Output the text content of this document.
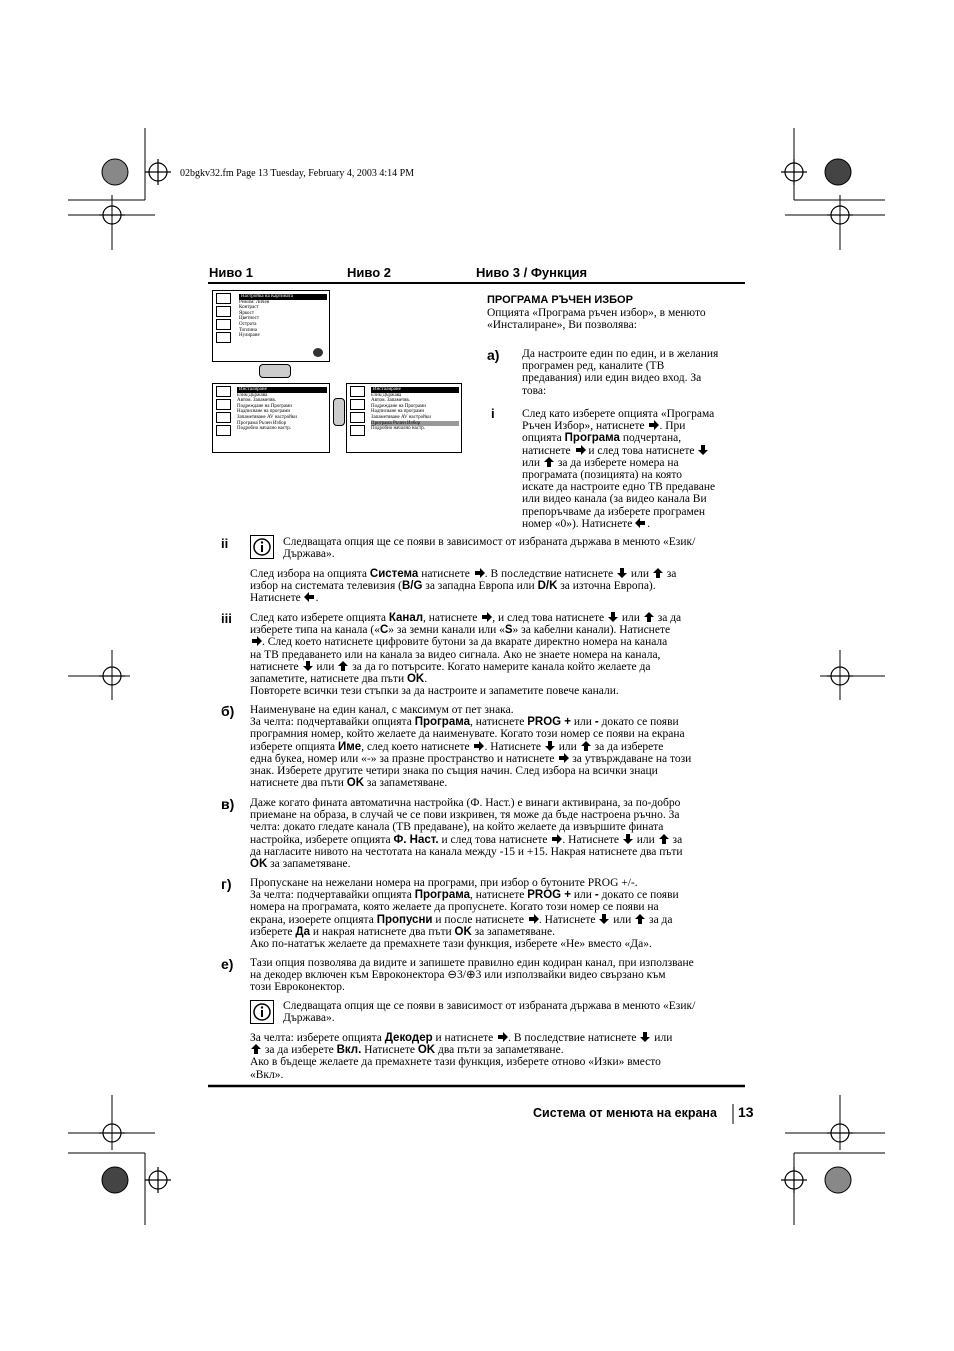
02bgkv32.fm Page 13 Tuesday, February 4, 2003 4:14 PM
Ниво 1	Ниво 2	Ниво 3 / Функция
Настройка на Картината
Режим: Личен
Контраст
Яркост
Цветност
Острота
Топлина
Нулиране
Инсталиране
Език/Държава
Автом. Запаметяв.
Подреждане на Програми
Надписване на програми
Запаметяване AV настройки
Програма Ръчен Избор
Подробно начално настр.
Инсталиране
Език/Държава
Автом. Запаметяв.
Подреждане на Програми
Надписване на програми
Запаметяване AV настройки
Програма Ръчен Избор
Подробно начално настр.
ПРОГРАМА РЪЧЕН ИЗБОР
Опцията «Програма ръчен избор», в менюто
«Инсталиране», Ви позволява:
а) Да настроите един по един, и в желания
програмен ред, каналите (ТВ
предавания) или един видео вход. За
това:
i След като изберете опцията «Програма
Ръчен Избор», натиснете . При
опцията Програма подчертана,
натиснете и след това натиснете
или за да изберете номера на
програмата (позицията) на която
искате да настроите едно ТВ предаване
или видео канала (за видео канала Ви
препоръчваме да изберете програмен
номер «0»). Натиснете .
ii	Следващата опция ще се появи в зависимост от избраната държава в менюто «Език/
Държава».
След избора на опцията Система натиснете . В последствие натиснете или за
избор на системата телевизия (B/G за западна Европа или D/K за източна Европа).
Натиснете .
iii След като изберете опцията Канал, натиснете , и след това натиснете или за да
изберете типа на канала («C» за земни канали или «S» за кабелни канали). Натиснете
. След което натиснете цифровите бутони за да вкарате директно номера на канала
на ТВ предаването или на канала за видео сигнала. Ако не знаете номера на канала,
натиснете или за да го потърсите. Когато намерите канала който желаете да
запаметите, натиснете два пъти OK.
Повторете всички тези стъпки за да настроите и запаметите повече канали.
б) Наименуване на един канал, с максимум от пет знака.
За челта: подчертавайки опцията Програма, натиснете PROG + или - докато се появи
програмния номер, който желаете да наименувате. Когато този номер се появи на екрана
изберете опцията Име, след което натиснете . Натиснете или за да изберете
една букеа, номер или «-» за празне пространство и натиснете за утвърждаване на този
знак. Изберете другите четири знака по същия начин. След избора на всички знаци
натиснете два пъти OK за запаметяване.
в) Даже когато фината автоматична настройка (Ф. Наст.) е винаги активирана, за по-добро
приемане на образа, в случай че се пови изкривен, тя може да бъде настроена ръчно. За
челта: докато гледате канала (ТВ предаване), на който желаете да извършите фината
настройка, изберете опцията Ф. Наст. и след това натиснете . Натиснете или за
да нагласите нивото на честотата на канала между -15 и +15. Накрая натиснете два пъти
OK за запаметяване.
г) Пропускане на нежелани номера на програми, при избор о бутоните PROG +/-.
За челта: подчертавайки опцията Програма, натиснете PROG + или - докато се появи
номера на програмата, която желаете да пропуснете. Когато този номер се появи на
екрана, изоерете опцията Пропусни и после натиснете . Натиснете или за да
изберете Да и накрая натиснете два пъти OK за запаметяване.
Ако по-нататък желаете да премахнете тази функция, изберете «Не» вместо «Да».
е) Тази опция позволява да видите и запишете правилно един кодиран канал, при използване
на декодер включен към Евроконектора ⊖3/⊕3 или използвайки видео свързано към
този Евроконектор.
Следващата опция ще се появи в зависимост от избраната държава в менюто «Език/
Държава».
За челта: изберете опцията Декодер и натиснете . В последствие натиснете или
за да изберете Вкл. Натиснете OK два пъти за запаметяване.
Ако в бъдеще желаете да премахнете тази функция, изберете отново «Изки» вместо
«Вкл».
Система от менюта на екрана 13
